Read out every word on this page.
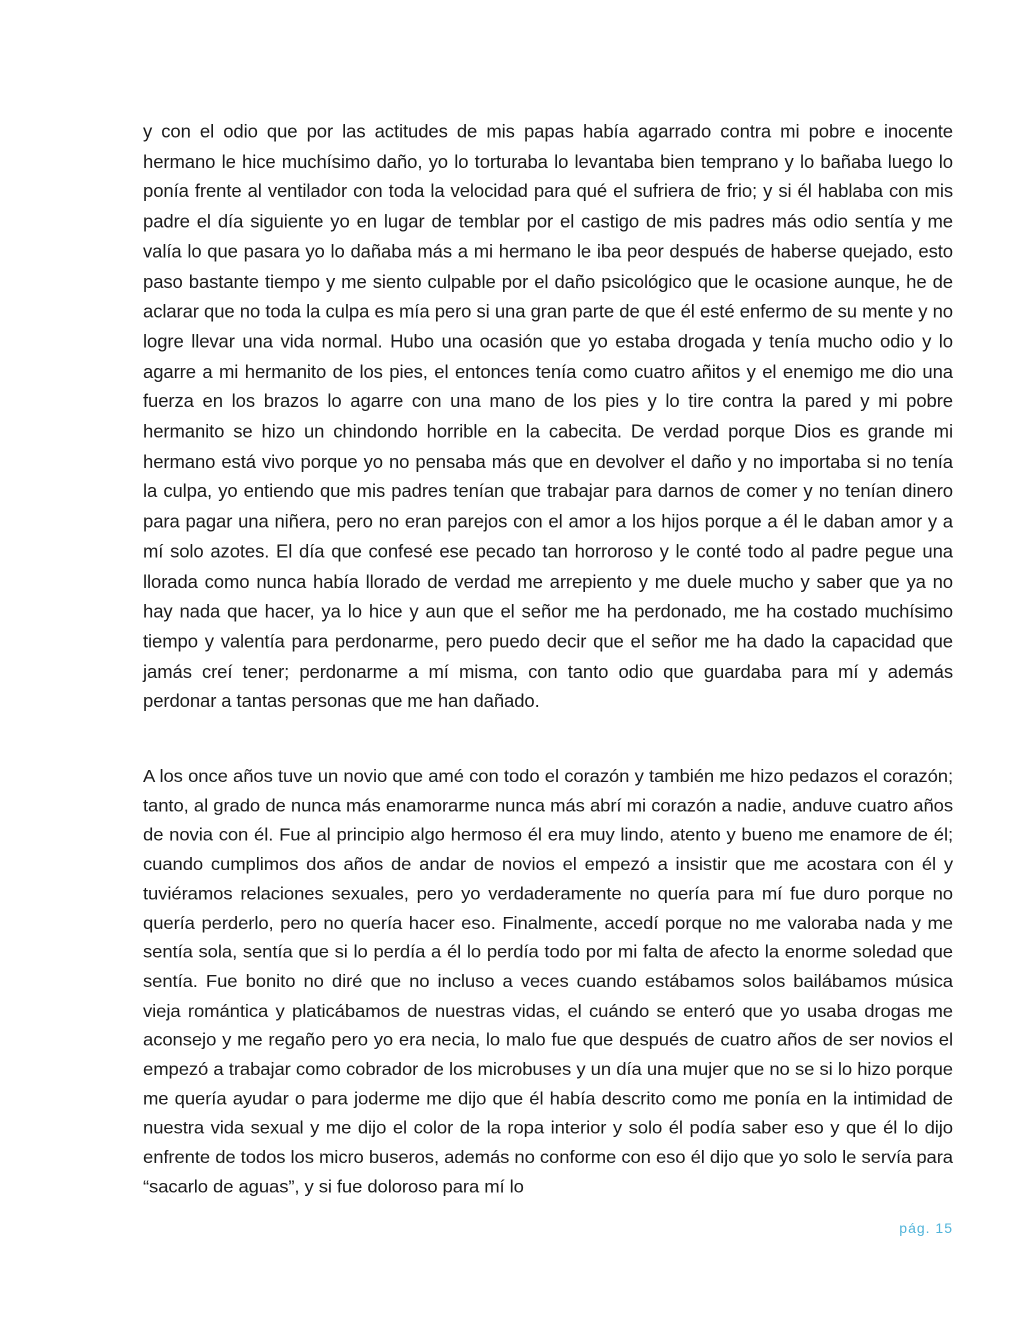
y con el odio que por las actitudes de mis papas había agarrado contra mi pobre e inocente hermano le hice muchísimo daño, yo lo torturaba lo levantaba bien temprano y lo bañaba luego lo ponía frente al ventilador con toda la velocidad para qué el sufriera de frio; y si él hablaba con mis padre el día siguiente yo en lugar de temblar por el castigo de mis padres más odio sentía y me valía lo que pasara yo lo dañaba más a mi hermano le iba peor después de haberse quejado, esto paso bastante tiempo y me siento culpable por el daño psicológico que le ocasione aunque, he de aclarar que no toda la culpa es mía pero si una gran parte de que él esté enfermo de su mente y no logre llevar una vida normal. Hubo una ocasión que yo estaba drogada y tenía mucho odio y lo agarre a mi hermanito de los pies, el entonces tenía como cuatro añitos y el enemigo me dio una fuerza en los brazos lo agarre con una mano de los pies y lo tire contra la pared y mi pobre hermanito se hizo un chindondo horrible en la cabecita. De verdad porque Dios es grande mi hermano está vivo porque yo no pensaba más que en devolver el daño y no importaba si no tenía la culpa, yo entiendo que mis padres tenían que trabajar para darnos de comer y no tenían dinero para pagar una niñera, pero no eran parejos con el amor a los hijos porque a él le daban amor y a mí solo azotes. El día que confesé ese pecado tan horroroso y le conté todo al padre pegue una llorada como nunca había llorado de verdad me arrepiento y me duele mucho y saber que ya no hay nada que hacer, ya lo hice y aun que el señor me ha perdonado, me ha costado muchísimo tiempo y valentía para perdonarme, pero puedo decir que el señor me ha dado la capacidad que jamás creí tener; perdonarme a mí misma, con tanto odio que guardaba para mí y además perdonar a tantas personas que me han dañado.

A los once años tuve un novio que amé con todo el corazón y también me hizo pedazos el corazón; tanto, al grado de nunca más enamorarme nunca más abrí mi corazón a nadie, anduve cuatro años de novia con él. Fue al principio algo hermoso él era muy lindo, atento y bueno me enamore de él; cuando cumplimos dos años de andar de novios el empezó a insistir que me acostara con él y tuviéramos relaciones sexuales, pero yo verdaderamente no quería para mí fue duro porque no quería perderlo, pero no quería hacer eso. Finalmente, accedí porque no me valoraba nada y me sentía sola, sentía que si lo perdía a él lo perdía todo por mi falta de afecto la enorme soledad que sentía. Fue bonito no diré que no incluso a veces cuando estábamos solos bailábamos música vieja romántica y platicábamos de nuestras vidas, el cuándo se enteró que yo usaba drogas me aconsejo y me regaño pero yo era necia, lo malo fue que después de cuatro años de ser novios el empezó a trabajar como cobrador de los microbuses y un día una mujer que no se si lo hizo porque me quería ayudar o para joderme me dijo que él había descrito como me ponía en la intimidad de nuestra vida sexual y me dijo el color de la ropa interior y solo él podía saber eso y que él lo dijo enfrente de todos los micro buseros, además no conforme con eso él dijo que yo solo le servía para “sacarlo de aguas”, y si fue doloroso para mí lo

pág. 15
